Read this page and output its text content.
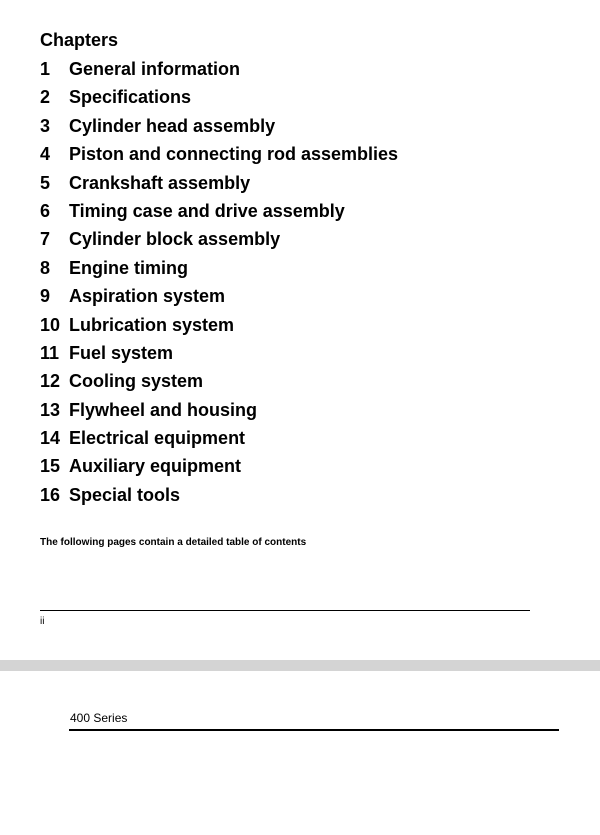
Chapters
1 General information
2 Specifications
3 Cylinder head assembly
4 Piston and connecting rod assemblies
5 Crankshaft assembly
6 Timing case and drive assembly
7 Cylinder block assembly
8 Engine timing
9 Aspiration system
10 Lubrication system
11 Fuel system
12 Cooling system
13 Flywheel and housing
14 Electrical equipment
15 Auxiliary equipment
16 Special tools
The following pages contain a detailed table of contents
ii
400 Series
